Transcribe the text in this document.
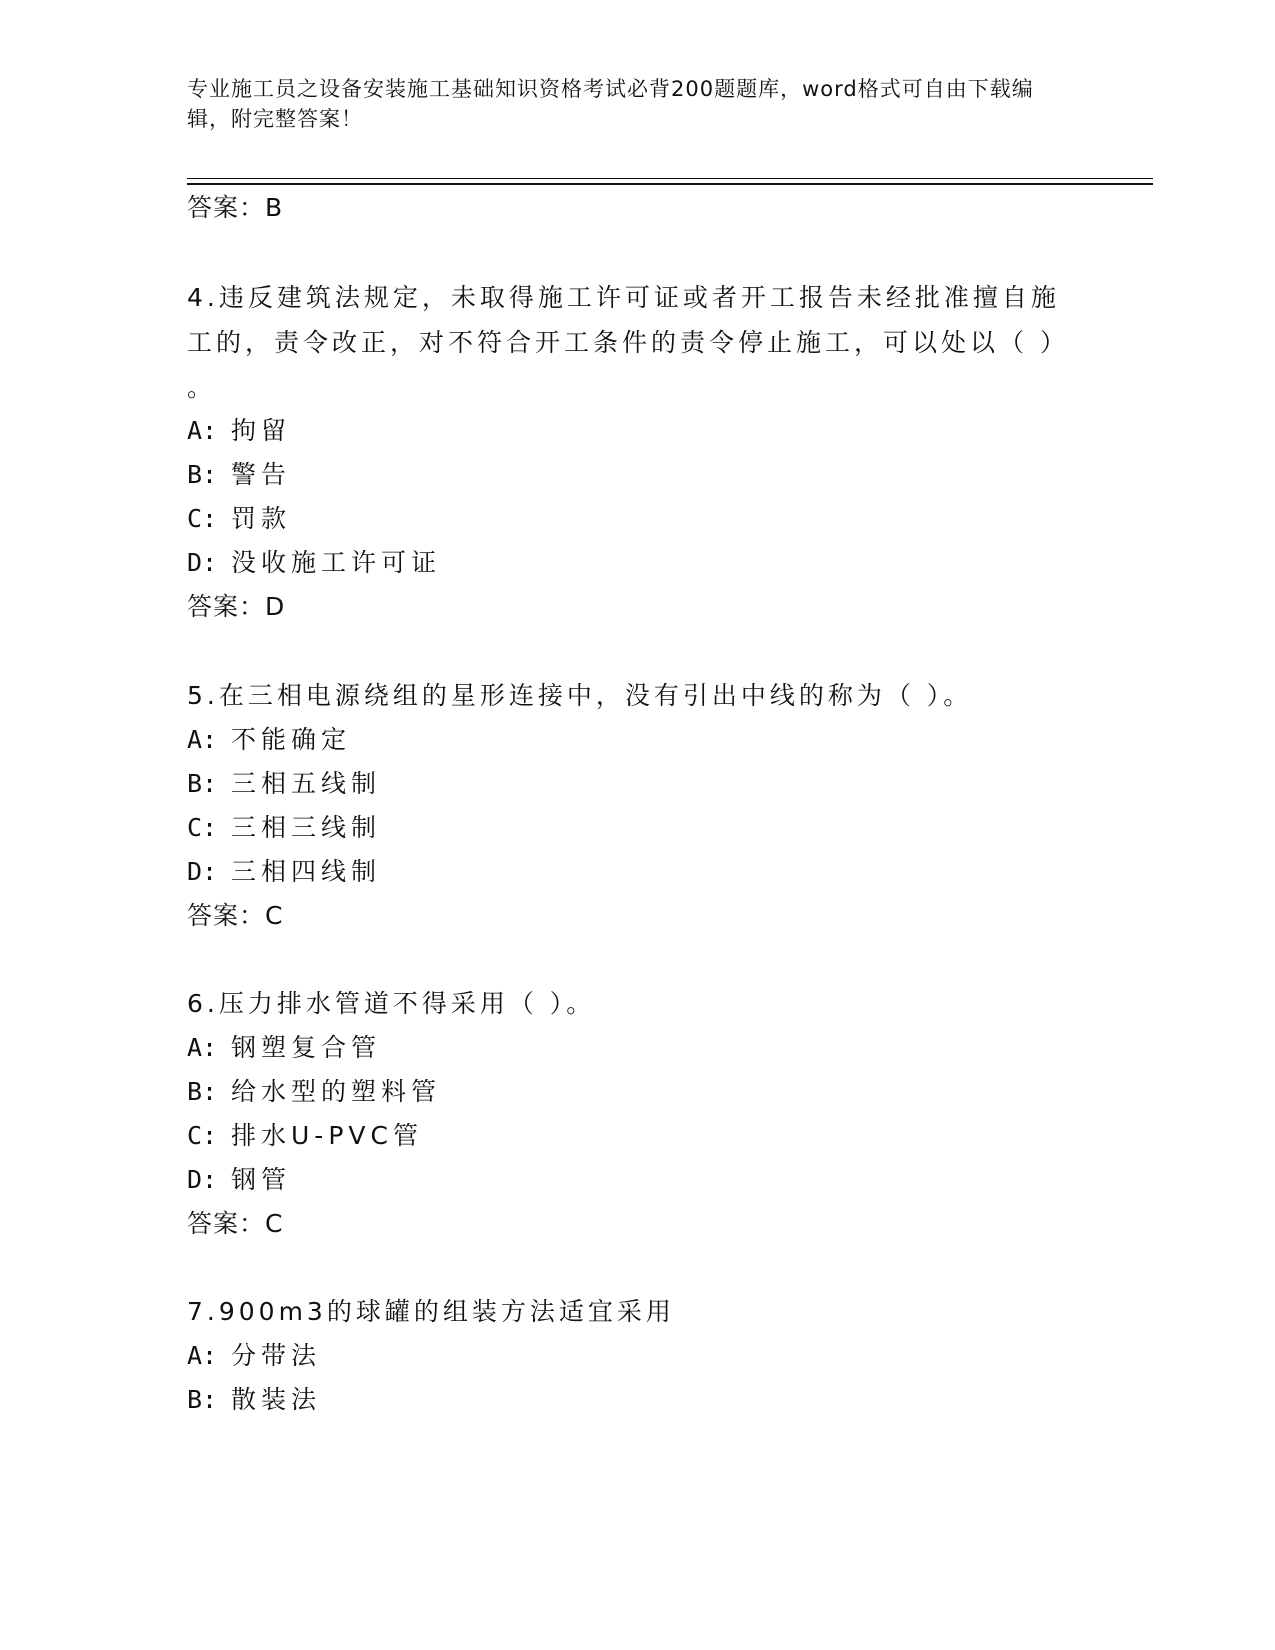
专业施工员之设备安装施工基础知识资格考试必背200题题库，word格式可自由下载编辑，附完整答案！
答案：B
4.违反建筑法规定，未取得施工许可证或者开工报告未经批准擅自施
工的，责令改正，对不符合开工条件的责令停止施工，可以处以（ ）
。
A: 拘留
B: 警告
C: 罚款
D: 没收施工许可证
答案：D
5.在三相电源绕组的星形连接中，没有引出中线的称为（ ）。
A: 不能确定
B: 三相五线制
C: 三相三线制
D: 三相四线制
答案：C
6.压力排水管道不得采用（ ）。
A: 钢塑复合管
B: 给水型的塑料管
C: 排水U-PVC管
D: 钢管
答案：C
7.900m3的球罐的组装方法适宜采用
A: 分带法
B: 散装法
